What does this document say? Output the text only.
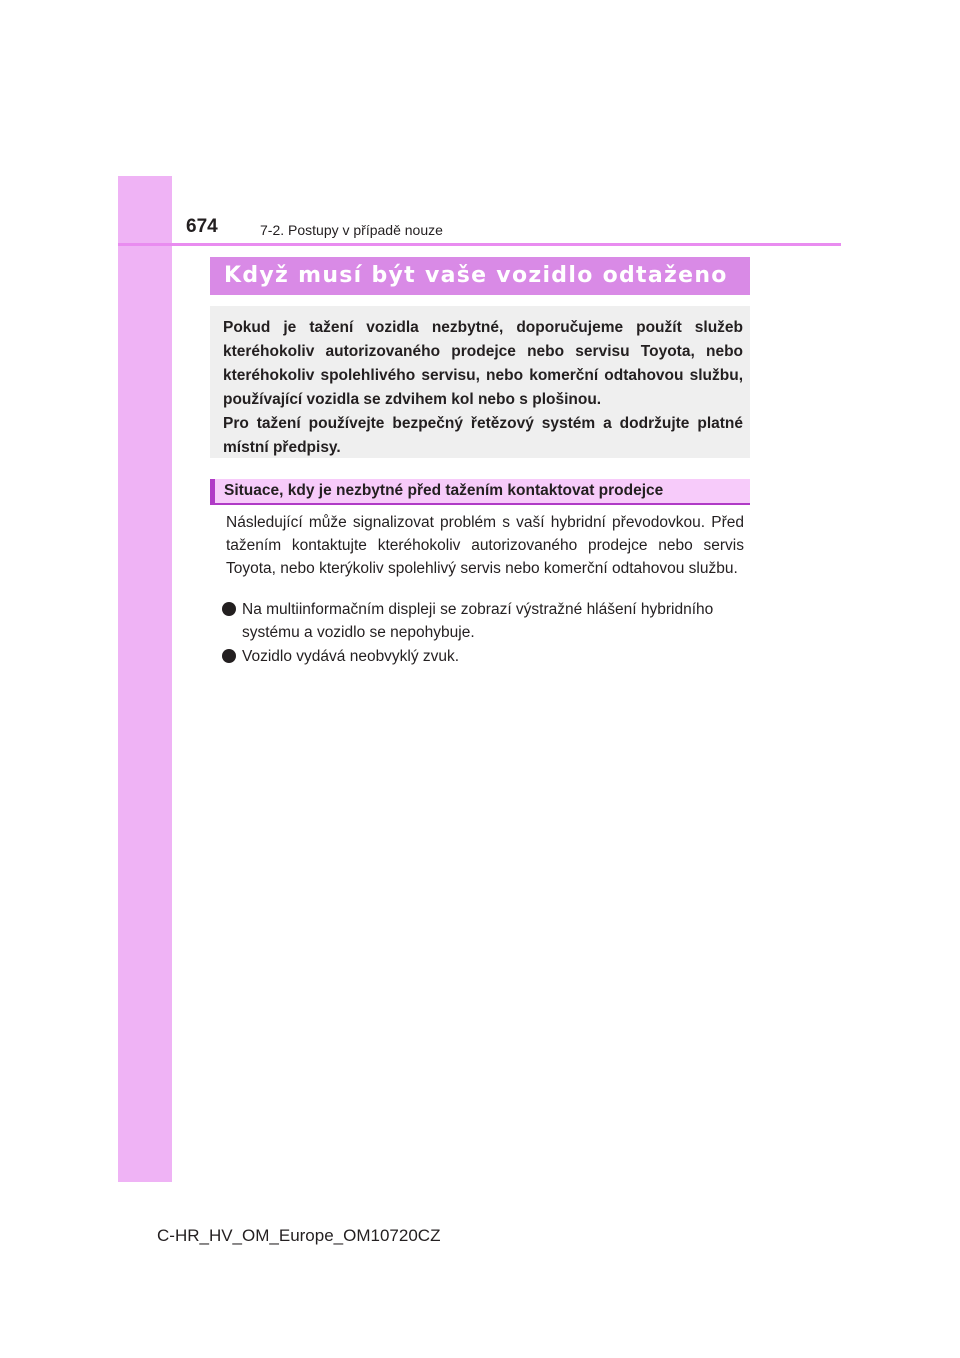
674	7-2. Postupy v případě nouze
Když musí být vaše vozidlo odtaženo

Pokud je tažení vozidla nezbytné, doporučujeme použít služeb kteréhokoliv autorizovaného prodejce nebo servisu Toyota, nebo kteréhokoliv spolehlivého servisu, nebo komerční odtahovou službu, používající vozidla se zdvihem kol nebo s plošinou.

Pro tažení používejte bezpečný řetězový systém a dodržujte platné místní předpisy.

Situace, kdy je nezbytné před tažením kontaktovat prodejce

Následující může signalizovat problém s vaší hybridní převodovkou. Před tažením kontaktujte kteréhokoliv autorizovaného prodejce nebo servis Toyota, nebo kterýkoliv spolehlivý servis nebo komerční odtahovou službu.

Na multiinformačním displeji se zobrazí výstražné hlášení hybridního systému a vozidlo se nepohybuje.
Vozidlo vydává neobvyklý zvuk.
C-HR_HV_OM_Europe_OM10720CZ
